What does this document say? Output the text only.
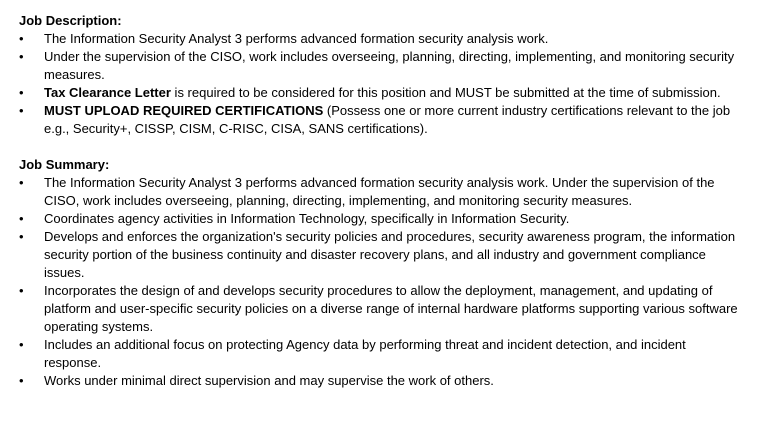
Job Description:
•	The Information Security Analyst 3 performs advanced formation security analysis work.
•	Under the supervision of the CISO, work includes overseeing, planning, directing, implementing, and monitoring security measures.
•	Tax Clearance Letter is required to be considered for this position and MUST be submitted at the time of submission.
•	MUST UPLOAD REQUIRED CERTIFICATIONS (Possess one or more current industry certifications relevant to the job e.g., Security+, CISSP, CISM, C-RISC, CISA, SANS certifications).
Job Summary:
•	The Information Security Analyst 3 performs advanced formation security analysis work. Under the supervision of the CISO, work includes overseeing, planning, directing, implementing, and monitoring security measures.
•	Coordinates agency activities in Information Technology, specifically in Information Security.
•	Develops and enforces the organization's security policies and procedures, security awareness program, the information security portion of the business continuity and disaster recovery plans, and all industry and government compliance issues.
•	Incorporates the design of and develops security procedures to allow the deployment, management, and updating of platform and user-specific security policies on a diverse range of internal hardware platforms supporting various software operating systems.
•	Includes an additional focus on protecting Agency data by performing threat and incident detection, and incident response.
•	Works under minimal direct supervision and may supervise the work of others.
